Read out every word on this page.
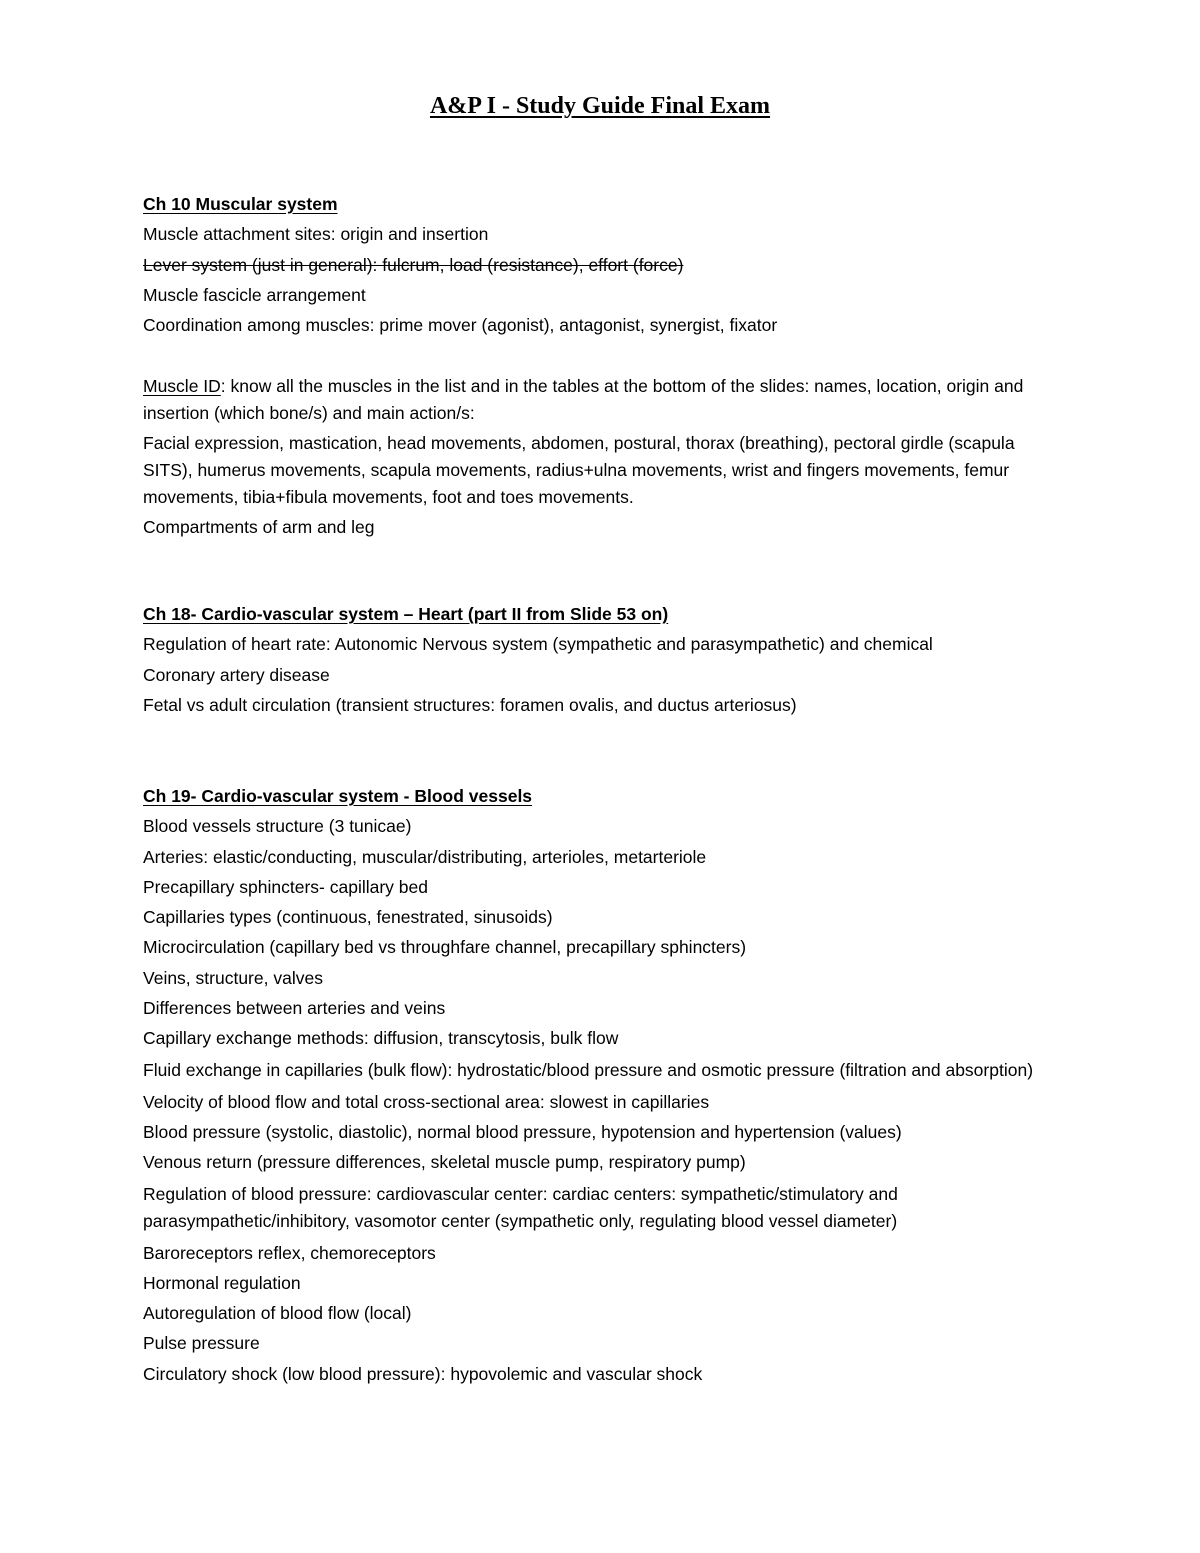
A&P I - Study Guide Final Exam
Ch 10 Muscular system
Muscle attachment sites: origin and insertion
Lever system (just in general): fulcrum, load (resistance), effort (force)
Muscle fascicle arrangement
Coordination among muscles: prime mover (agonist), antagonist, synergist, fixator
Muscle ID: know all the muscles in the list and in the tables at the bottom of the slides: names, location, origin and insertion (which bone/s) and main action/s:
Facial expression, mastication, head movements, abdomen, postural, thorax (breathing), pectoral girdle (scapula SITS), humerus movements, scapula movements, radius+ulna movements, wrist and fingers movements, femur movements, tibia+fibula movements, foot and toes movements.
Compartments of arm and leg
Ch 18- Cardio-vascular system – Heart (part II from Slide 53 on)
Regulation of heart rate: Autonomic Nervous system (sympathetic and parasympathetic) and chemical
Coronary artery disease
Fetal vs adult circulation (transient structures: foramen ovalis, and ductus arteriosus)
Ch 19- Cardio-vascular system - Blood vessels
Blood vessels structure (3 tunicae)
Arteries: elastic/conducting, muscular/distributing, arterioles, metarteriole
Precapillary sphincters- capillary bed
Capillaries types (continuous, fenestrated, sinusoids)
Microcirculation (capillary bed vs throughfare channel, precapillary sphincters)
Veins, structure, valves
Differences between arteries and veins
Capillary exchange methods: diffusion, transcytosis, bulk flow
Fluid exchange in capillaries (bulk flow): hydrostatic/blood pressure and osmotic pressure (filtration and absorption)
Velocity of blood flow and total cross-sectional area: slowest in capillaries
Blood pressure (systolic, diastolic), normal blood pressure, hypotension and hypertension (values)
Venous return (pressure differences, skeletal muscle pump, respiratory pump)
Regulation of blood pressure: cardiovascular center: cardiac centers: sympathetic/stimulatory and parasympathetic/inhibitory, vasomotor center (sympathetic only, regulating blood vessel diameter)
Baroreceptors reflex, chemoreceptors
Hormonal regulation
Autoregulation of blood flow (local)
Pulse pressure
Circulatory shock (low blood pressure): hypovolemic and vascular shock
